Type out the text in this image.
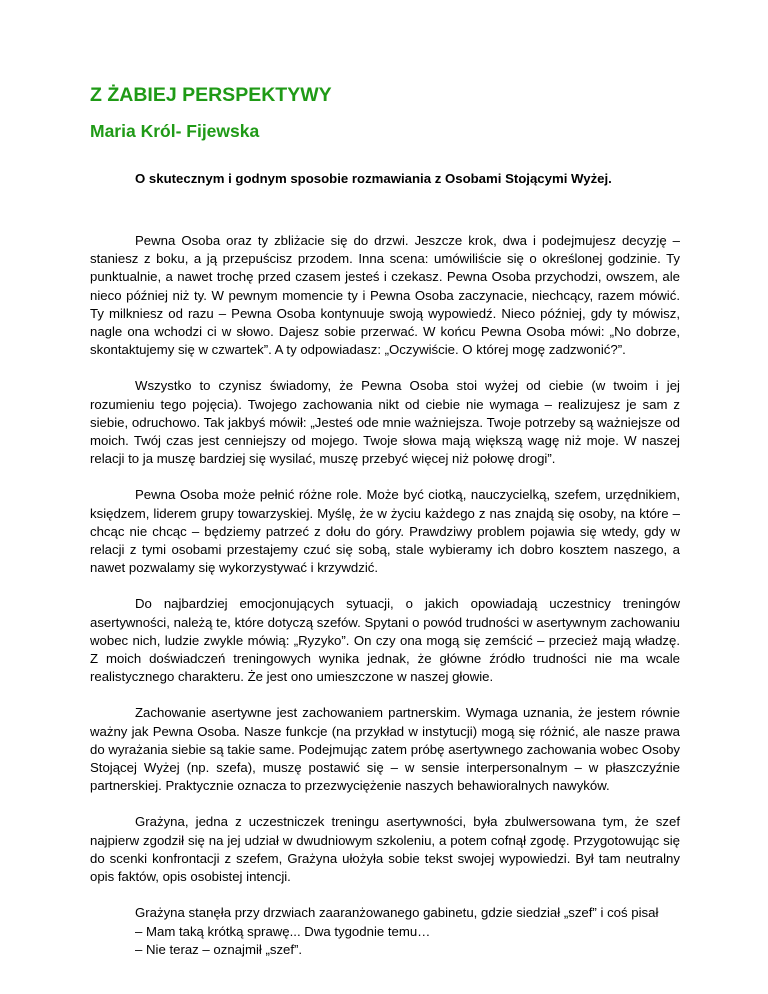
Z ŻABIEJ PERSPEKTYWY
Maria Król- Fijewska

O skutecznym i godnym sposobie rozmawiania z Osobami Stojącymi Wyżej.

Pewna Osoba oraz ty zbliżacie się do drzwi. Jeszcze krok, dwa i podejmujesz decyzję – staniesz z boku, a ją przepuścisz przodem. Inna scena: umówiliście się o określonej godzinie. Ty punktualnie, a nawet trochę przed czasem jesteś i czekasz. Pewna Osoba przychodzi, owszem, ale nieco później niż ty. W pewnym momencie ty i Pewna Osoba zaczynacie, niechcący, razem mówić. Ty milkniesz od razu – Pewna Osoba kontynuuje swoją wypowiedź. Nieco później, gdy ty mówisz, nagle ona wchodzi ci w słowo. Dajesz sobie przerwać. W końcu Pewna Osoba mówi: „No dobrze, skontaktujemy się w czwartek”. A ty odpowiadasz: „Oczywiście. O której mogę zadzwonić?”.

Wszystko to czynisz świadomy, że Pewna Osoba stoi wyżej od ciebie (w twoim i jej rozumieniu tego pojęcia). Twojego zachowania nikt od ciebie nie wymaga – realizujesz je sam z siebie, odruchowo. Tak jakbyś mówił: „Jesteś ode mnie ważniejsza. Twoje potrzeby są ważniejsze od moich. Twój czas jest cenniejszy od mojego. Twoje słowa mają większą wagę niż moje. W naszej relacji to ja muszę bardziej się wysilać, muszę przebyć więcej niż połowę drogi”.

Pewna Osoba może pełnić różne role. Może być ciotką, nauczycielką, szefem, urzędnikiem, księdzem, liderem grupy towarzyskiej. Myślę, że w życiu każdego z nas znajdą się osoby, na które – chcąc nie chcąc – będziemy patrzeć z dołu do góry. Prawdziwy problem pojawia się wtedy, gdy w relacji z tymi osobami przestajemy czuć się sobą, stale wybieramy ich dobro kosztem naszego, a nawet pozwalamy się wykorzystywać i krzywdzić.

Do najbardziej emocjonujących sytuacji, o jakich opowiadają uczestnicy treningów asertywności, należą te, które dotyczą szefów. Spytani o powód trudności w asertywnym zachowaniu wobec nich, ludzie zwykle mówią: „Ryzyko”. On czy ona mogą się zemścić – przecież mają władzę. Z moich doświadczeń treningowych wynika jednak, że główne źródło trudności nie ma wcale realistycznego charakteru. Że jest ono umieszczone w naszej głowie.

Zachowanie asertywne jest zachowaniem partnerskim. Wymaga uznania, że jestem równie ważny jak Pewna Osoba. Nasze funkcje (na przykład w instytucji) mogą się różnić, ale nasze prawa do wyrażania siebie są takie same. Podejmując zatem próbę asertywnego zachowania wobec Osoby Stojącej Wyżej (np. szefa), muszę postawić się – w sensie interpersonalnym – w płaszczyźnie partnerskiej. Praktycznie oznacza to przezwyciężenie naszych behawioralnych nawyków.

Grażyna, jedna z uczestniczek treningu asertywności, była zbulwersowana tym, że szef najpierw zgodził się na jej udział w dwudniowym szkoleniu, a potem cofnął zgodę. Przygotowując się do scenki konfrontacji z szefem, Grażyna ułożyła sobie tekst swojej wypowiedzi. Był tam neutralny opis faktów, opis osobistej intencji.

Grażyna stanęła przy drzwiach zaaranżowanego gabinetu, gdzie siedział „szef” i coś pisał

– Mam taką krótką sprawę... Dwa tygodnie temu…

– Nie teraz – oznajmił „szef”.
